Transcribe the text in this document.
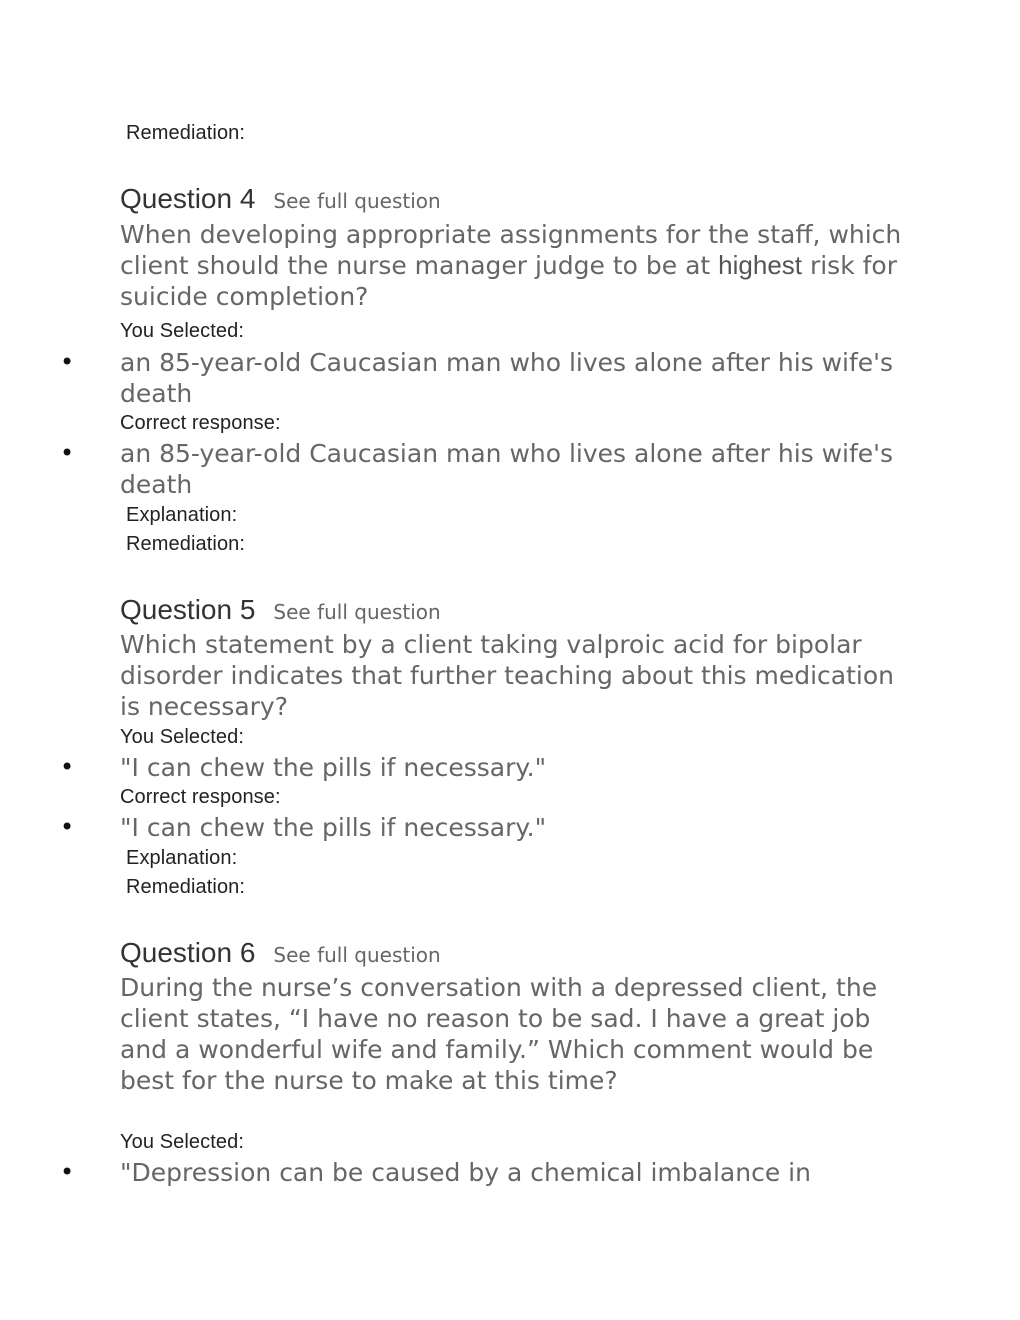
Remediation:
Question 4 See full question
When developing appropriate assignments for the staff, which client should the nurse manager judge to be at highest risk for suicide completion?
You Selected:
• an 85-year-old Caucasian man who lives alone after his wife's death
Correct response:
• an 85-year-old Caucasian man who lives alone after his wife's death
Explanation:
Remediation:
Question 5 See full question
Which statement by a client taking valproic acid for bipolar disorder indicates that further teaching about this medication is necessary?
You Selected:
• "I can chew the pills if necessary."
Correct response:
• "I can chew the pills if necessary."
Explanation:
Remediation:
Question 6 See full question
During the nurse’s conversation with a depressed client, the client states, “I have no reason to be sad. I have a great job and a wonderful wife and family.” Which comment would be best for the nurse to make at this time?
You Selected:
• "Depression can be caused by a chemical imbalance in
